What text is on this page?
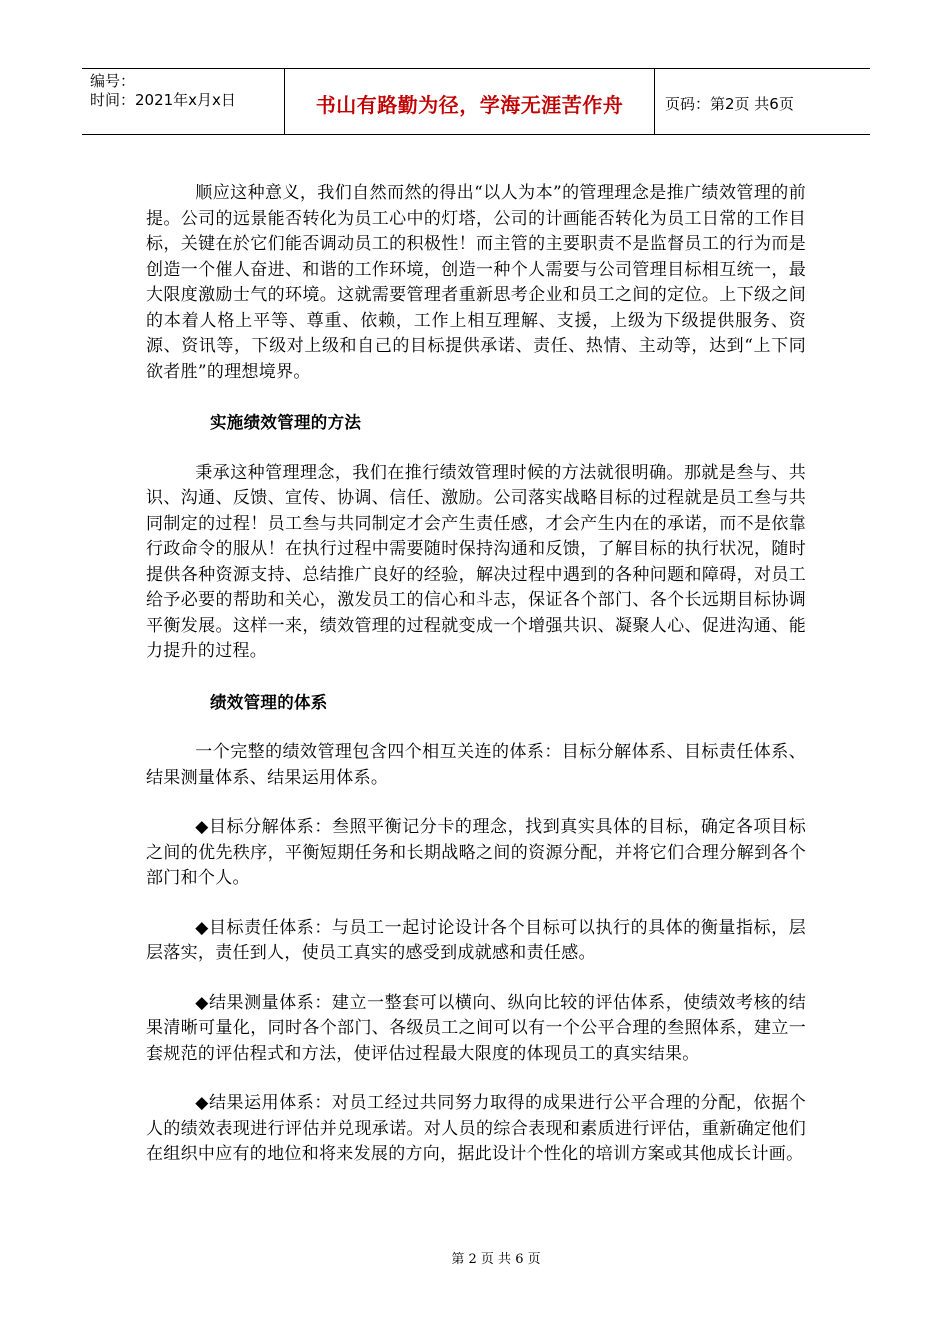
编号：
时间：2021年x月x日	书山有路勤为径，学海无涯苦作舟	页码：第2页 共6页

顺应这种意义，我们自然而然的得出“以人为本”的管理理念是推广绩效管理的前提。公司的远景能否转化为员工心中的灯塔，公司的计画能否转化为员工日常的工作目标，关键在於它们能否调动员工的积极性！而主管的主要职责不是监督员工的行为而是创造一个催人奋进、和谐的工作环境，创造一种个人需要与公司管理目标相互统一，最大限度激励士气的环境。这就需要管理者重新思考企业和员工之间的定位。上下级之间的本着人格上平等、尊重、依赖，工作上相互理解、支援，上级为下级提供服务、资源、资讯等，下级对上级和自己的目标提供承诺、责任、热情、主动等，达到“上下同欲者胜”的理想境界。

实施绩效管理的方法

秉承这种管理理念，我们在推行绩效管理时候的方法就很明确。那就是叁与、共识、沟通、反馈、宣传、协调、信任、激励。公司落实战略目标的过程就是员工叁与共同制定的过程！员工叁与共同制定才会产生责任感，才会产生内在的承诺，而不是依靠行政命令的服从！在执行过程中需要随时保持沟通和反馈，了解目标的执行状况，随时提供各种资源支持、总结推广良好的经验，解决过程中遇到的各种问题和障碍，对员工给予必要的帮助和关心，激发员工的信心和斗志，保证各个部门、各个长远期目标协调平衡发展。这样一来，绩效管理的过程就变成一个增强共识、凝聚人心、促进沟通、能力提升的过程。

绩效管理的体系

一个完整的绩效管理包含四个相互关连的体系：目标分解体系、目标责任体系、结果测量体系、结果运用体系。

◆目标分解体系：叁照平衡记分卡的理念，找到真实具体的目标，确定各项目标之间的优先秩序，平衡短期任务和长期战略之间的资源分配，并将它们合理分解到各个部门和个人。

◆目标责任体系：与员工一起讨论设计各个目标可以执行的具体的衡量指标，层层落实，责任到人，使员工真实的感受到成就感和责任感。

◆结果测量体系：建立一整套可以横向、纵向比较的评估体系，使绩效考核的结果清晰可量化，同时各个部门、各级员工之间可以有一个公平合理的叁照体系，建立一套规范的评估程式和方法，使评估过程最大限度的体现员工的真实结果。

◆结果运用体系：对员工经过共同努力取得的成果进行公平合理的分配，依据个人的绩效表现进行评估并兑现承诺。对人员的综合表现和素质进行评估，重新确定他们在组织中应有的地位和将来发展的方向，据此设计个性化的培训方案或其他成长计画。

第 2 页 共 6 页
